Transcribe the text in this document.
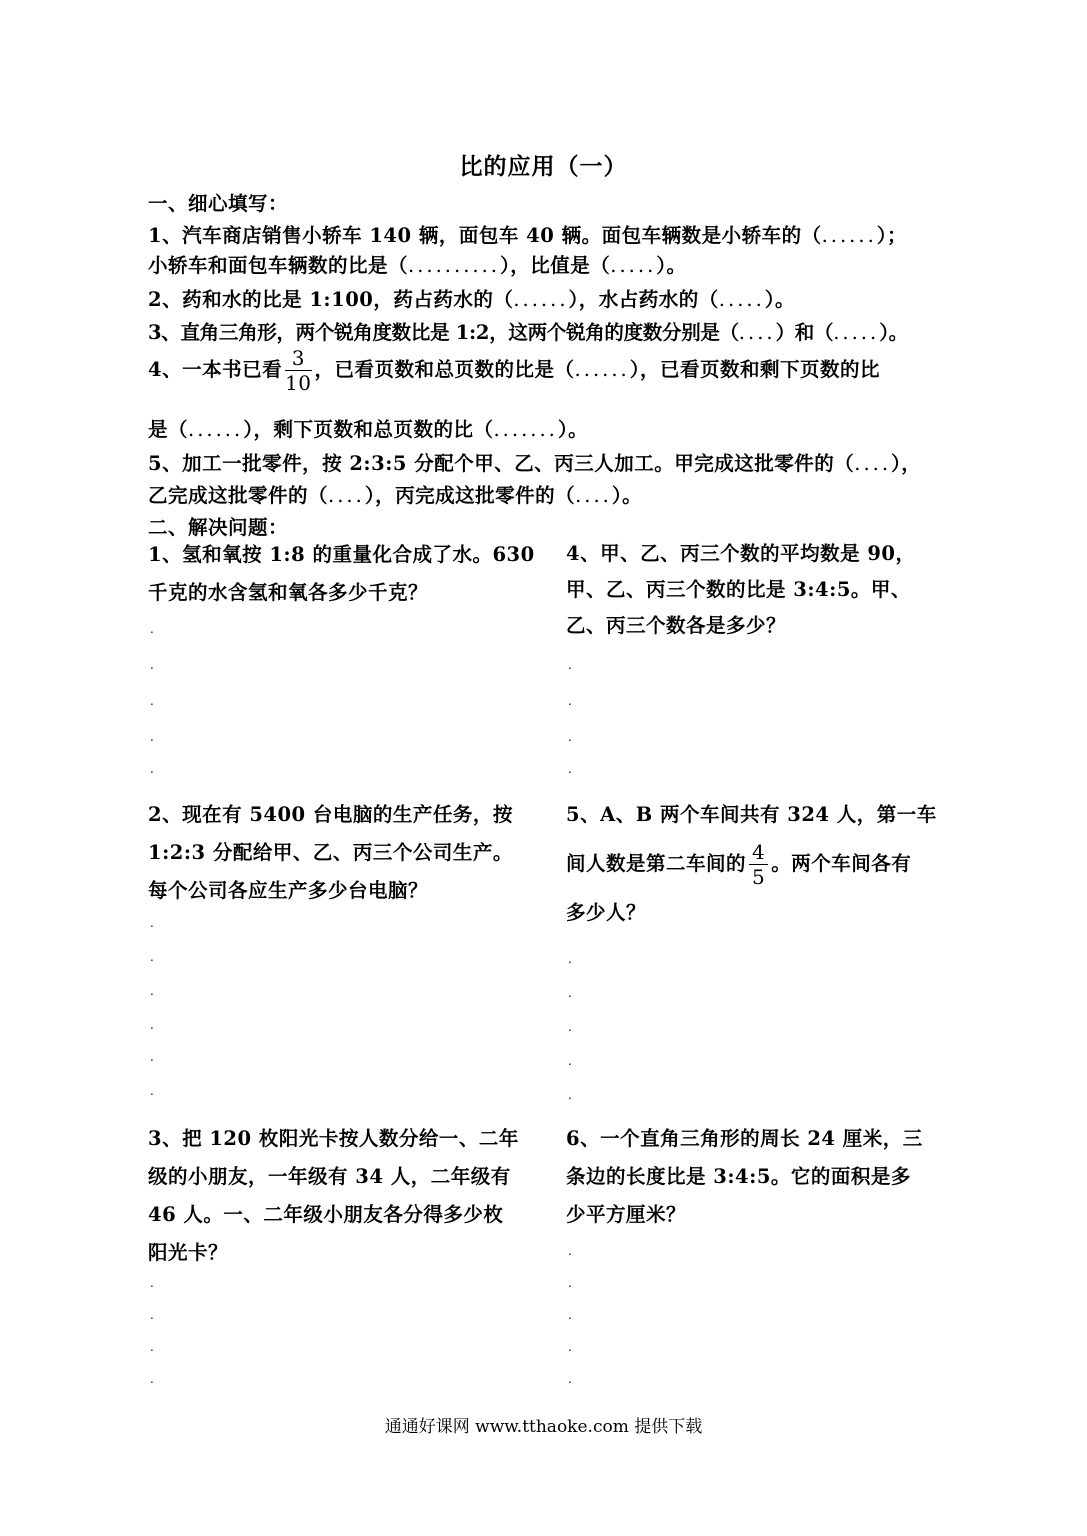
比的应用（一）
一、细心填写：
1、汽车商店销售小轿车 140 辆，面包车 40 辆。面包车辆数是小轿车的（......）；
小轿车和面包车辆数的比是（..........），比值是（.....）。
2、药和水的比是 1:100，药占药水的（......），水占药水的（.....）。
3、直角三角形，两个锐角度数比是 1:2，这两个锐角的度数分别是（....）和（.....）。
4、一本书已看 $\frac{3}{10}$ ，已看页数和总页数的比是（......），已看页数和剩下页数的比
是（......），剩下页数和总页数的比（.......）。
5、加工一批零件，按 2:3:5 分配个甲、乙、丙三人加工。甲完成这批零件的（....），
乙完成这批零件的（....），丙完成这批零件的（....）。
二、解决问题：
1、氢和氧按 1:8 的重量化合成了水。630
千克的水含氢和氧各多少千克？
2、现在有 5400 台电脑的生产任务，按
1:2:3 分配给甲、乙、丙三个公司生产。
每个公司各应生产多少台电脑？
3、把 120 枚阳光卡按人数分给一、二年
级的小朋友，一年级有 34 人，二年级有
46 人。一、二年级小朋友各分得多少枚
阳光卡？
4、甲、乙、丙三个数的平均数是 90，
甲、乙、丙三个数的比是 3:4:5。甲、
乙、丙三个数各是多少？
5、A、B 两个车间共有 324 人，第一车
间人数是第二车间的 $\frac{4}{5}$ 。两个车间各有
多少人？
6、一个直角三角形的周长 24 厘米，三
条边的长度比是 3:4:5。它的面积是多
少平方厘米？
.
.
.
.
.
.
.
.
.
.
.
.
.
.
.
.
.
.
.
.
.
.
.
.
.
.
.
.
.
通通好课网 www.tthaoke.com 提供下载
